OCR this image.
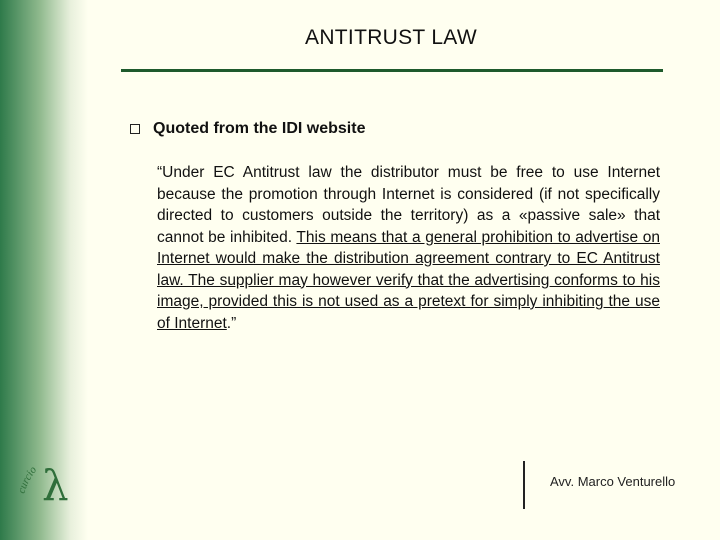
ANTITRUST LAW
Quoted from the IDI website
“Under EC Antitrust law the distributor must be free to use Internet because the promotion through Internet is considered (if not specifically directed to customers outside the territory) as a «passive sale» that cannot be inhibited. This means that a general prohibition to advertise on Internet would make the distribution agreement contrary to EC Antitrust law. The supplier may however verify that the advertising conforms to his image, provided this is not used as a pretext for simply inhibiting the use of Internet.”
curcio λ	Avv. Marco Venturello
